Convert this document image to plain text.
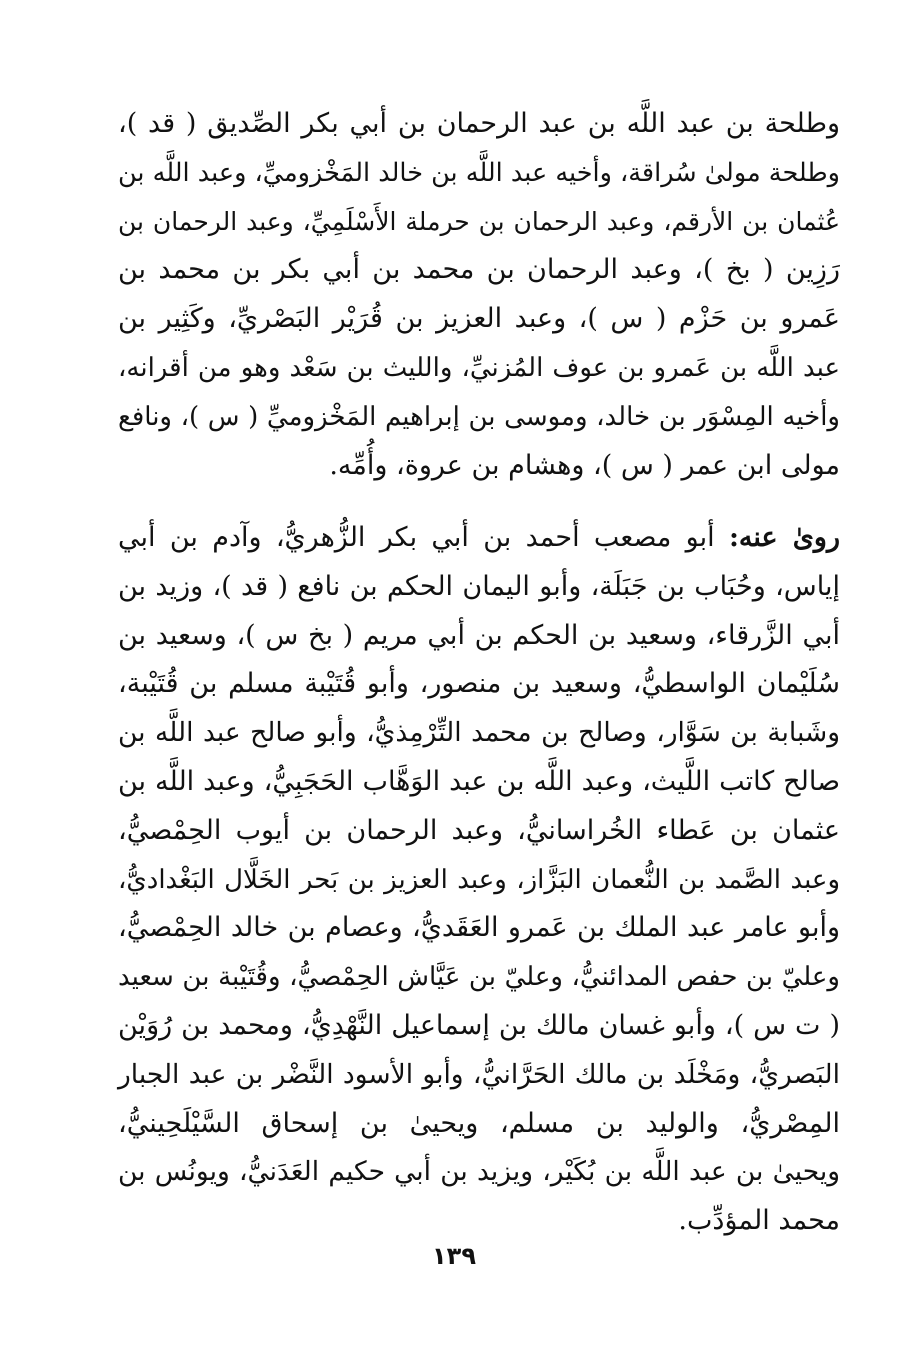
وطلحة بن عبد اللَّه بن عبد الرحمان بن أبي بكر الصِّديق ( قد )،
وطلحة مولىٰ سُراقة، وأخيه عبد اللَّه بن خالد المَخْزوميِّ، وعبد اللَّه بن
عُثمان بن الأرقم، وعبد الرحمان بن حرملة الأَسْلَمِيِّ، وعبد الرحمان بن
رَزِين ( بخ )، وعبد الرحمان بن محمد بن أبي بكر بن محمد بن
عَمرو بن حَزْم ( س )، وعبد العزيز بن قُرَيْر البَصْريِّ، وكَثِير بن
عبد اللَّه بن عَمرو بن عوف المُزنيِّ، والليث بن سَعْد وهو من أقرانه،
وأخيه المِسْوَر بن خالد، وموسى بن إبراهيم المَخْزوميِّ ( س )، ونافع
مولى ابن عمر ( س )، وهشام بن عروة، وأُمِّه.
روىٰ عنه: أبو مصعب أحمد بن أبي بكر الزُّهريُّ، وآدم بن أبي
إياس، وحُبَاب بن جَبَلَة، وأبو اليمان الحكم بن نافع ( قد )، وزيد بن
أبي الزَّرقاء، وسعيد بن الحكم بن أبي مريم ( بخ س )، وسعيد بن
سُلَيْمان الواسطيُّ، وسعيد بن منصور، وأبو قُتَيْبة مسلم بن قُتَيْبة،
وشَبابة بن سَوَّار، وصالح بن محمد التِّرْمِذيُّ، وأبو صالح عبد اللَّه بن
صالح كاتب اللَّيث، وعبد اللَّه بن عبد الوَهَّاب الحَجَبِيُّ، وعبد اللَّه بن
عثمان بن عَطاء الخُراسانيُّ، وعبد الرحمان بن أيوب الحِمْصيُّ،
وعبد الصَّمد بن النُّعمان البَزَّاز، وعبد العزيز بن بَحر الخَلَّال البَغْداديُّ،
وأبو عامر عبد الملك بن عَمرو العَقَديُّ، وعصام بن خالد الحِمْصيُّ،
وعليّ بن حفص المدائنيُّ، وعليّ بن عَيَّاش الحِمْصيُّ، وقُتَيْبة بن سعيد
( ت س )، وأبو غسان مالك بن إسماعيل النَّهْدِيُّ، ومحمد بن رُوَيْن
البَصريُّ، ومَخْلَد بن مالك الحَرَّانيُّ، وأبو الأسود النَّضْر بن عبد الجبار
المِصْريُّ، والوليد بن مسلم، ويحيىٰ بن إسحاق السَّيْلَحِينيُّ،
ويحيىٰ بن عبد اللَّه بن بُكَيْر، ويزيد بن أبي حكيم العَدَنيُّ، ويونُس بن
محمد المؤدِّب.
١٣٩
